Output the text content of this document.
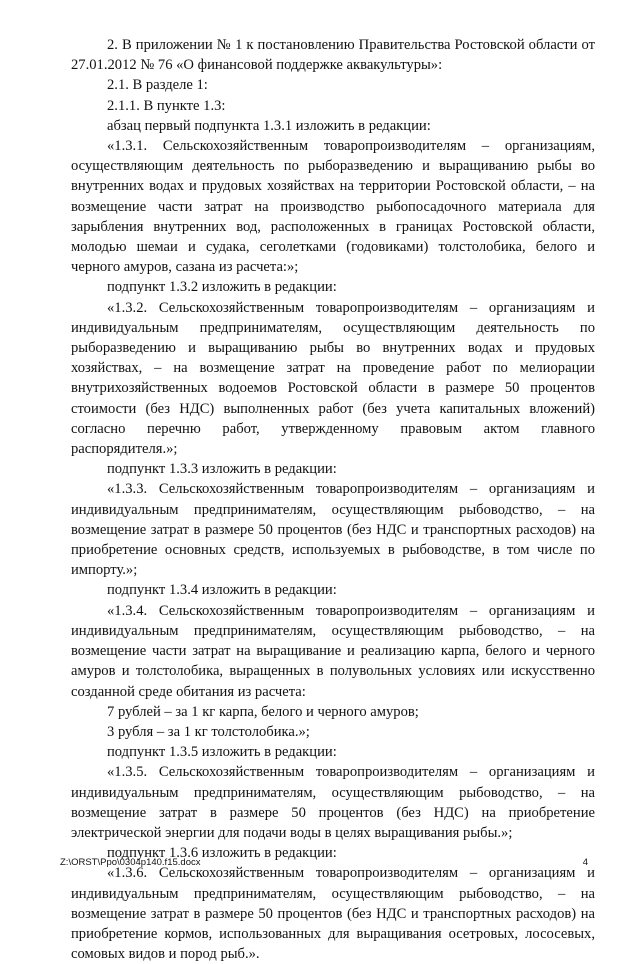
2. В приложении № 1 к постановлению Правительства Ростовской области от 27.01.2012 № 76 «О финансовой поддержке аквакультуры»:

2.1. В разделе 1:

2.1.1. В пункте 1.3:

абзац первый подпункта 1.3.1 изложить в редакции:

«1.3.1. Сельскохозяйственным товаропроизводителям – организациям, осуществляющим деятельность по рыборазведению и выращиванию рыбы во внутренних водах и прудовых хозяйствах на территории Ростовской области, – на возмещение части затрат на производство рыбопосадочного материала для зарыбления внутренних вод, расположенных в границах Ростовской области, молодью шемаи и судака, сеголетками (годовиками) толстолобика, белого и черного амуров, сазана из расчета:»;

подпункт 1.3.2 изложить в редакции:

«1.3.2. Сельскохозяйственным товаропроизводителям – организациям и индивидуальным предпринимателям, осуществляющим деятельность по рыборазведению и выращиванию рыбы во внутренних водах и прудовых хозяйствах, – на возмещение затрат на проведение работ по мелиорации внутрихозяйственных водоемов Ростовской области в размере 50 процентов стоимости (без НДС) выполненных работ (без учета капитальных вложений) согласно перечню работ, утвержденному правовым актом главного распорядителя.»;

подпункт 1.3.3 изложить в редакции:

«1.3.3. Сельскохозяйственным товаропроизводителям – организациям и индивидуальным предпринимателям, осуществляющим рыбоводство, – на возмещение затрат в размере 50 процентов (без НДС и транспортных расходов) на приобретение основных средств, используемых в рыбоводстве, в том числе по импорту.»;

подпункт 1.3.4 изложить в редакции:

«1.3.4. Сельскохозяйственным товаропроизводителям – организациям и индивидуальным предпринимателям, осуществляющим рыбоводство, – на возмещение части затрат на выращивание и реализацию карпа, белого и черного амуров и толстолобика, выращенных в полувольных условиях или искусственно созданной среде обитания из расчета:

7 рублей – за 1 кг карпа, белого и черного амуров;

3 рубля – за 1 кг толстолобика.»;

подпункт 1.3.5 изложить в редакции:

«1.3.5. Сельскохозяйственным товаропроизводителям – организациям и индивидуальным предпринимателям, осуществляющим рыбоводство, – на возмещение затрат в размере 50 процентов (без НДС) на приобретение электрической энергии для подачи воды в целях выращивания рыбы.»;

подпункт 1.3.6 изложить в редакции:

«1.3.6. Сельскохозяйственным товаропроизводителям – организациям и индивидуальным предпринимателям, осуществляющим рыбоводство, – на возмещение затрат в размере 50 процентов (без НДС и транспортных расходов) на приобретение кормов, использованных для выращивания осетровых, лососевых, сомовых видов и пород рыб.».

Z:\ORST\Ppo\0304p140.f15.docx	4
